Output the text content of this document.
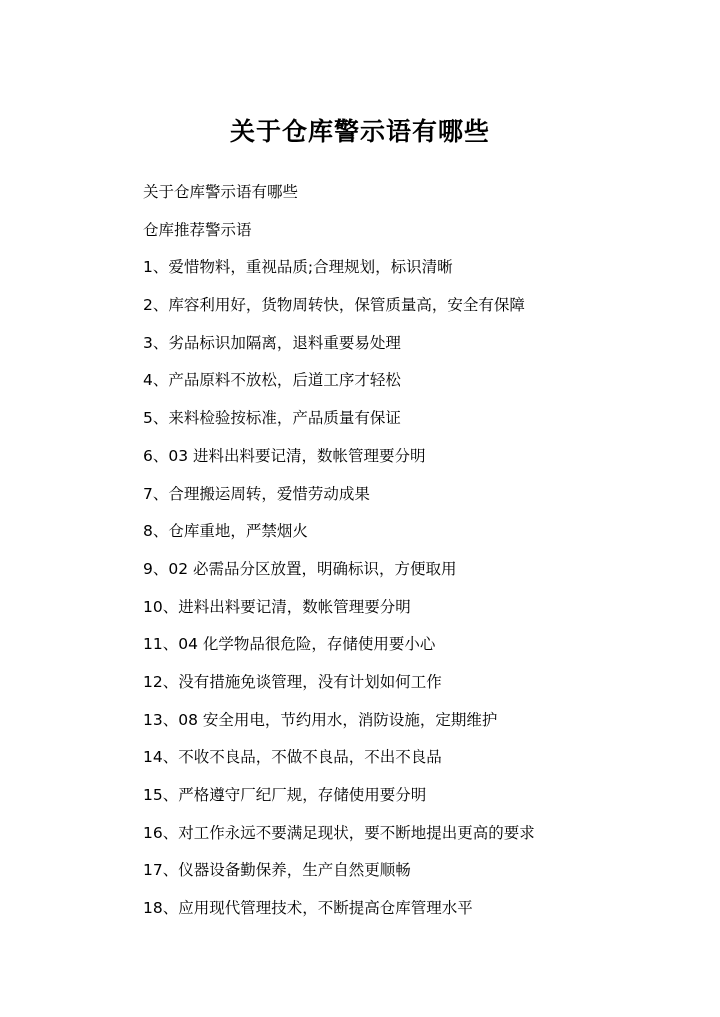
关于仓库警示语有哪些
关于仓库警示语有哪些
仓库推荐警示语
1、爱惜物料，重视品质;合理规划，标识清晰
2、库容利用好，货物周转快，保管质量高，安全有保障
3、劣品标识加隔离，退料重要易处理
4、产品原料不放松，后道工序才轻松
5、来料检验按标准，产品质量有保证
6、03 进料出料要记清，数帐管理要分明
7、合理搬运周转，爱惜劳动成果
8、仓库重地，严禁烟火
9、02 必需品分区放置，明确标识，方便取用
10、进料出料要记清，数帐管理要分明
11、04 化学物品很危险，存储使用要小心
12、没有措施免谈管理，没有计划如何工作
13、08 安全用电，节约用水，消防设施，定期维护
14、不收不良品，不做不良品，不出不良品
15、严格遵守厂纪厂规，存储使用要分明
16、对工作永远不要满足现状，要不断地提出更高的要求
17、仪器设备勤保养，生产自然更顺畅
18、应用现代管理技术，不断提高仓库管理水平
